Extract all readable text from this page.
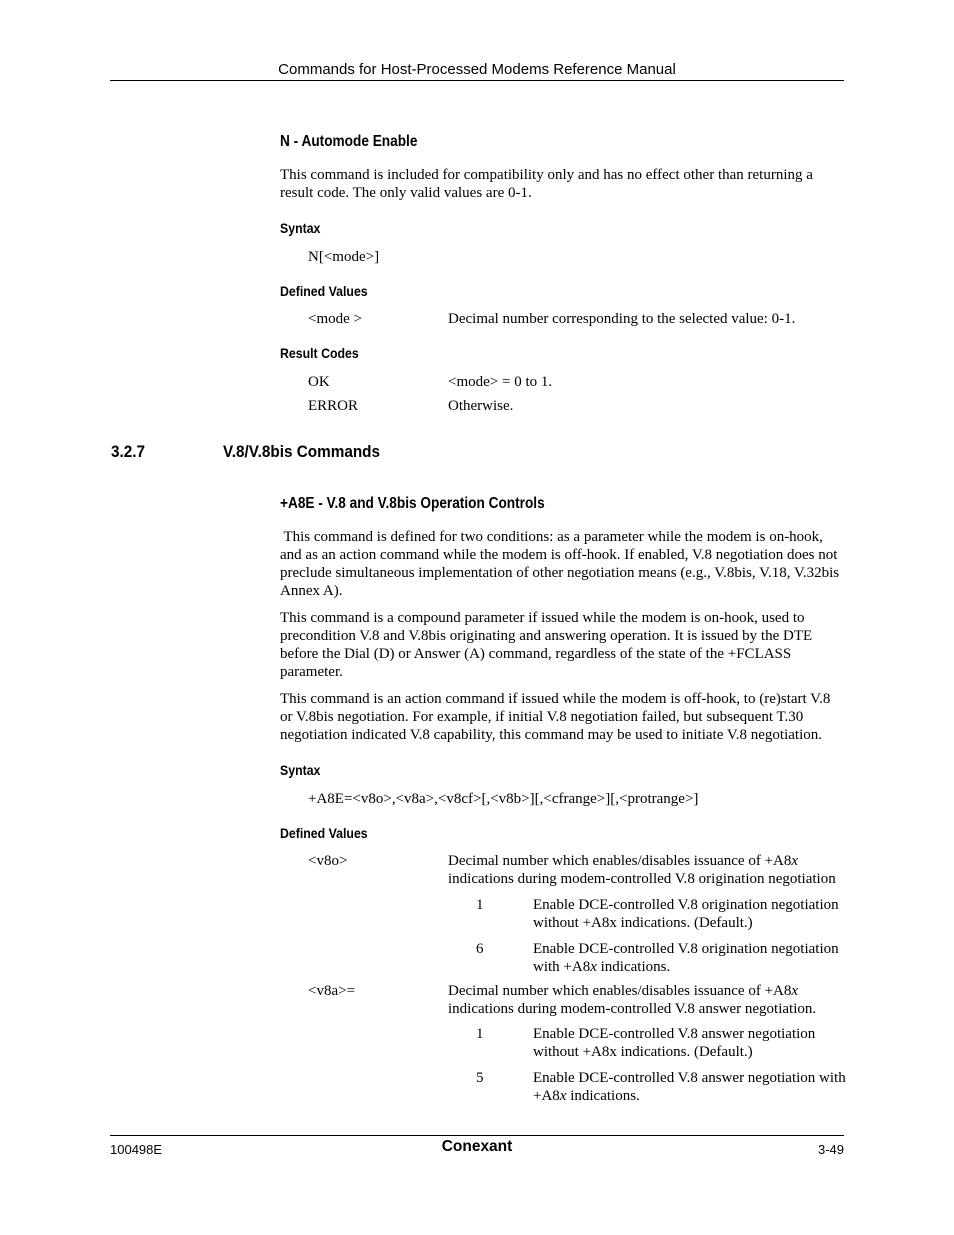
Commands for Host-Processed Modems Reference Manual
N - Automode Enable
This command is included for compatibility only and has no effect other than returning a
result code. The only valid values are 0-1.
Syntax
N[<mode>]
Defined Values
<mode >	Decimal number corresponding to the selected value: 0-1.
Result Codes
OK	<mode> = 0 to 1.
ERROR	Otherwise.
3.2.7	V.8/V.8bis Commands
+A8E - V.8 and V.8bis Operation Controls
This command is defined for two conditions: as a parameter while the modem is on-hook,
and as an action command while the modem is off-hook. If enabled, V.8 negotiation does not
preclude simultaneous implementation of other negotiation means (e.g., V.8bis, V.18, V.32bis
Annex A).
This command is a compound parameter if issued while the modem is on-hook, used to
precondition V.8 and V.8bis originating and answering operation. It is issued by the DTE
before the Dial (D) or Answer (A) command, regardless of the state of the +FCLASS
parameter.
This command is an action command if issued while the modem is off-hook, to (re)start V.8
or V.8bis negotiation. For example, if initial V.8 negotiation failed, but subsequent T.30
negotiation indicated V.8 capability, this command may be used to initiate V.8 negotiation.
Syntax
+A8E=<v8o>,<v8a>,<v8cf>[,<v8b>][,<cfrange>][,<protrange>]
Defined Values
<v8o>	Decimal number which enables/disables issuance of +A8x
indications during modem-controlled V.8 origination negotiation
1	Enable DCE-controlled V.8 origination negotiation
without +A8x indications. (Default.)
6	Enable DCE-controlled V.8 origination negotiation
with +A8x indications.
<v8a>=	Decimal number which enables/disables issuance of +A8x
indications during modem-controlled V.8 answer negotiation.
1	Enable DCE-controlled V.8 answer negotiation
without +A8x indications. (Default.)
5	Enable DCE-controlled V.8 answer negotiation with
+A8x indications.
100498E	Conexant	3-49
